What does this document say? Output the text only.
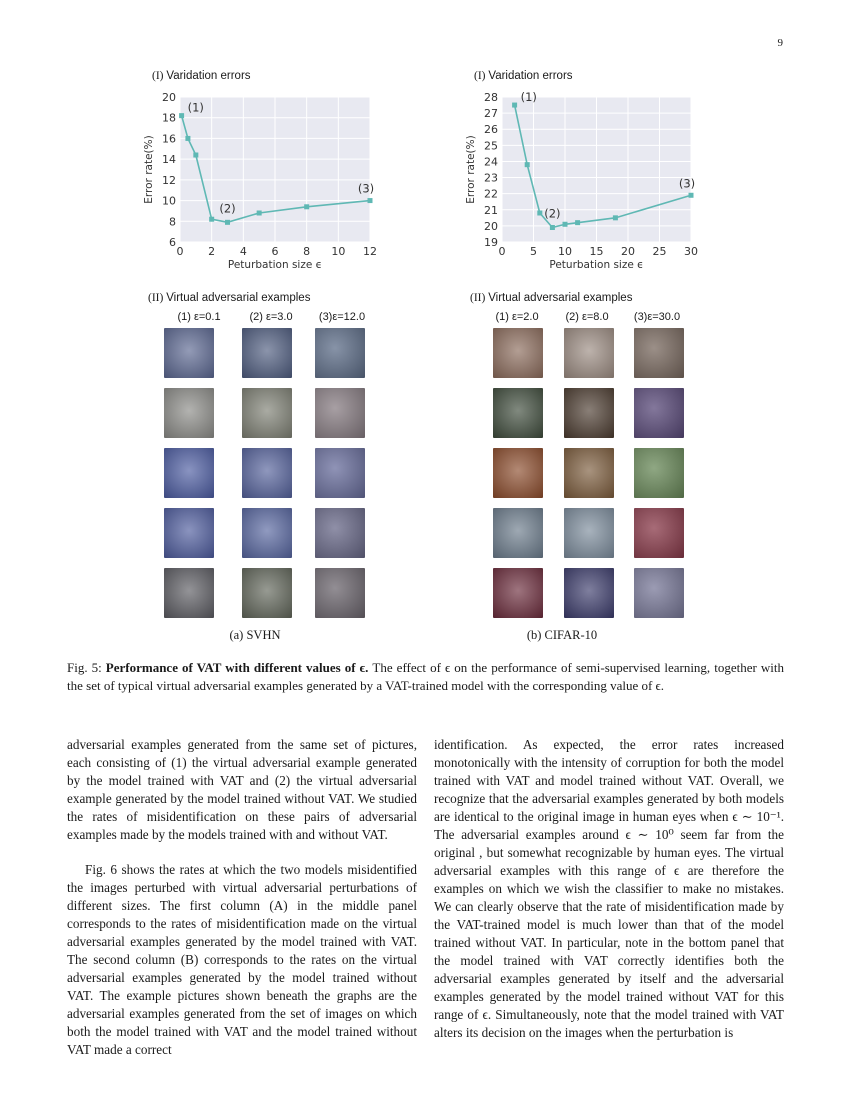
9
(I) Varidation errors
0 2 4 6 8 10 12
6
8
10
12
14
16
18
20
Peturbation size ϵ
Error rate(%)
(1)
(2)
(3)
(II) Virtual adversarial examples
(1) ε=0.1	(2) ε=3.0	(3)ε=12.0
(a) SVHN
(I) Varidation errors
0 5 10 15 20 25 30
19
20
21
22
23
24
25
26
27
28
Peturbation size ϵ
Error rate(%)
(1)
(2)
(3)
(II) Virtual adversarial examples
(1) ε=2.0	(2) ε=8.0	(3)ε=30.0
(b) CIFAR-10
Fig. 5: Performance of VAT with different values of ϵ. The effect of ϵ on the performance of semi-supervised learning, together with the set of typical virtual adversarial examples generated by a VAT-trained model with the corresponding value of ϵ.

adversarial examples generated from the same set of pictures, each consisting of (1) the virtual adversarial example generated by the model trained with VAT and (2) the virtual adversarial example generated by the model trained without VAT. We studied the rates of misidentification on these pairs of adversarial examples made by the models trained with and without VAT.

Fig. 6 shows the rates at which the two models misidentified the images perturbed with virtual adversarial perturbations of different sizes. The first column (A) in the middle panel corresponds to the rates of misidentification made on the virtual adversarial examples generated by the model trained with VAT. The second column (B) corresponds to the rates on the virtual adversarial examples generated by the model trained without VAT. The example pictures shown beneath the graphs are the adversarial examples generated from the set of images on which both the model trained with VAT and the model trained without VAT made a correct

identification. As expected, the error rates increased monotonically with the intensity of corruption for both the model trained with VAT and model trained without VAT. Overall, we recognize that the adversarial examples generated by both models are identical to the original image in human eyes when ϵ ∼ 10⁻¹. The adversarial examples around ϵ ∼ 10⁰ seem far from the original , but somewhat recognizable by human eyes. The virtual adversarial examples with this range of ϵ are therefore the examples on which we wish the classifier to make no mistakes. We can clearly observe that the rate of misidentification made by the VAT-trained model is much lower than that of the model trained without VAT. In particular, note in the bottom panel that the model trained with VAT correctly identifies both the adversarial examples generated by itself and the adversarial examples generated by the model trained without VAT for this range of ϵ. Simultaneously, note that the model trained with VAT alters its decision on the images when the perturbation is
